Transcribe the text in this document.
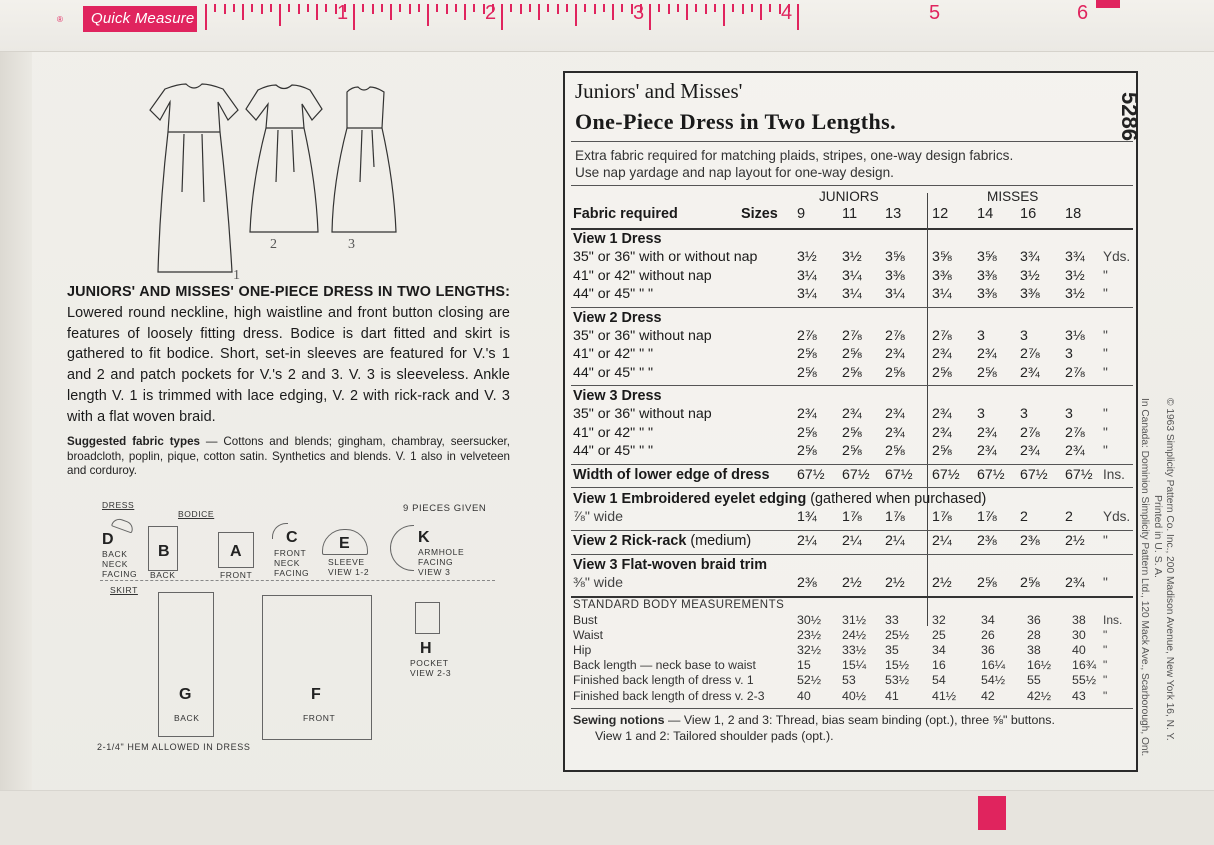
®	Quick Measure	1	2	3	4	5	6
1
2	3
JUNIORS' AND MISSES' ONE-PIECE DRESS IN TWO LENGTHS: Lowered round neckline, high waistline and front button closing are features of loosely fitting dress. Bodice is dart fitted and skirt is gathered to fit bodice. Short, set-in sleeves are featured for V.'s 1 and 2 and patch pockets for V.'s 2 and 3. V. 3 is sleeveless. Ankle length V. 1 is trimmed with lace edging, V. 2 with rick-rack and V. 3 with a flat woven braid.
Suggested fabric types — Cottons and blends; gingham, chambray, seersucker, broadcloth, poplin, pique, cotton satin. Synthetics and blends. V. 1 also in velveteen and corduroy.
DRESS
BODICE	9 PIECES GIVEN
D
BACK NECK FACING
B
BACK
A
FRONT
C
FRONT NECK FACING
E
SLEEVE VIEW 1-2
K
ARMHOLE FACING VIEW 3
SKIRT
G
BACK
F
FRONT
H
POCKET VIEW 2-3
2-1/4" HEM ALLOWED IN DRESS
Juniors' and Misses'
One-Piece Dress in Two Lengths.
Extra fabric required for matching plaids, stripes, one-way design fabrics.
Use nap yardage and nap layout for one-way design.
JUNIORS	MISSES
Fabric required	Sizes 9	11 13 12 14 16 18
View 1 Dress
35" or 36" with or without nap	3½ 3½ 3⅝ 3⅝ 3⅝ 3¾ 3¾ Yds.
41" or 42" without nap	3¼ 3¼ 3⅜ 3⅜ 3⅜ 3½ 3½ "
44" or 45" " "	3¼ 3¼ 3¼ 3¼ 3⅜ 3⅜ 3½ "
View 2 Dress
35" or 36" without nap	2⅞ 2⅞ 2⅞ 2⅞ 3 3	3⅛ "
41" or 42" " "	2⅝ 2⅝ 2¾ 2¾ 2¾ 2⅞ 3 "
44" or 45" " "	2⅝ 2⅝ 2⅝ 2⅝ 2⅝ 2¾ 2⅞ "
View 3 Dress
35" or 36" without nap	2¾ 2¾ 2¾ 2¾ 3 3	3 "
41" or 42" " "	2⅝ 2⅝ 2¾ 2¾ 2¾ 2⅞ 2⅞ "
44" or 45" " "	2⅝ 2⅝ 2⅝ 2⅝ 2¾ 2¾ 2¾ "
Width of lower edge of dress 67½ 67½ 67½ 67½ 67½ 67½ 67½ Ins.
View 1 Embroidered eyelet edging (gathered when purchased)
⅞" wide	1¾ 1⅞ 1⅞ 1⅞ 1⅞ 2	2 Yds.
View 2 Rick-rack (medium)	2¼ 2¼ 2¼ 2¼ 2⅜ 2⅜ 2½ "
View 3 Flat-woven braid trim
⅜" wide	2⅜ 2½ 2½ 2½ 2⅝ 2⅝ 2¾ "
STANDARD BODY MEASUREMENTS
Bust	30½ 31½ 33	32	34	36	38 Ins.
Waist	23½ 24½ 25½ 25	26	28	30 "
Hip	32½ 33½ 35	34	36	38	40 "
Back length — neck base to waist	15	15¼ 15½ 16	16¼ 16½ 16¾ "
Finished back length of dress v. 1	52½ 53 53½ 54	54½ 55	55½ "
Finished back length of dress v. 2-3	40	40½ 41	41½ 42	42½ 43 "
Sewing notions — View 1, 2 and 3: Thread, bias seam binding (opt.), three ⅝" buttons.
View 1 and 2: Tailored shoulder pads (opt.).
5286
Printed in U. S. A. © 1963 Simplicity Pattern Co. Inc., 200 Madison Avenue, New York 16, N. Y.
In Canada: Dominion Simplicity Pattern Ltd., 120 Mack Ave., Scarborough, Ont.
